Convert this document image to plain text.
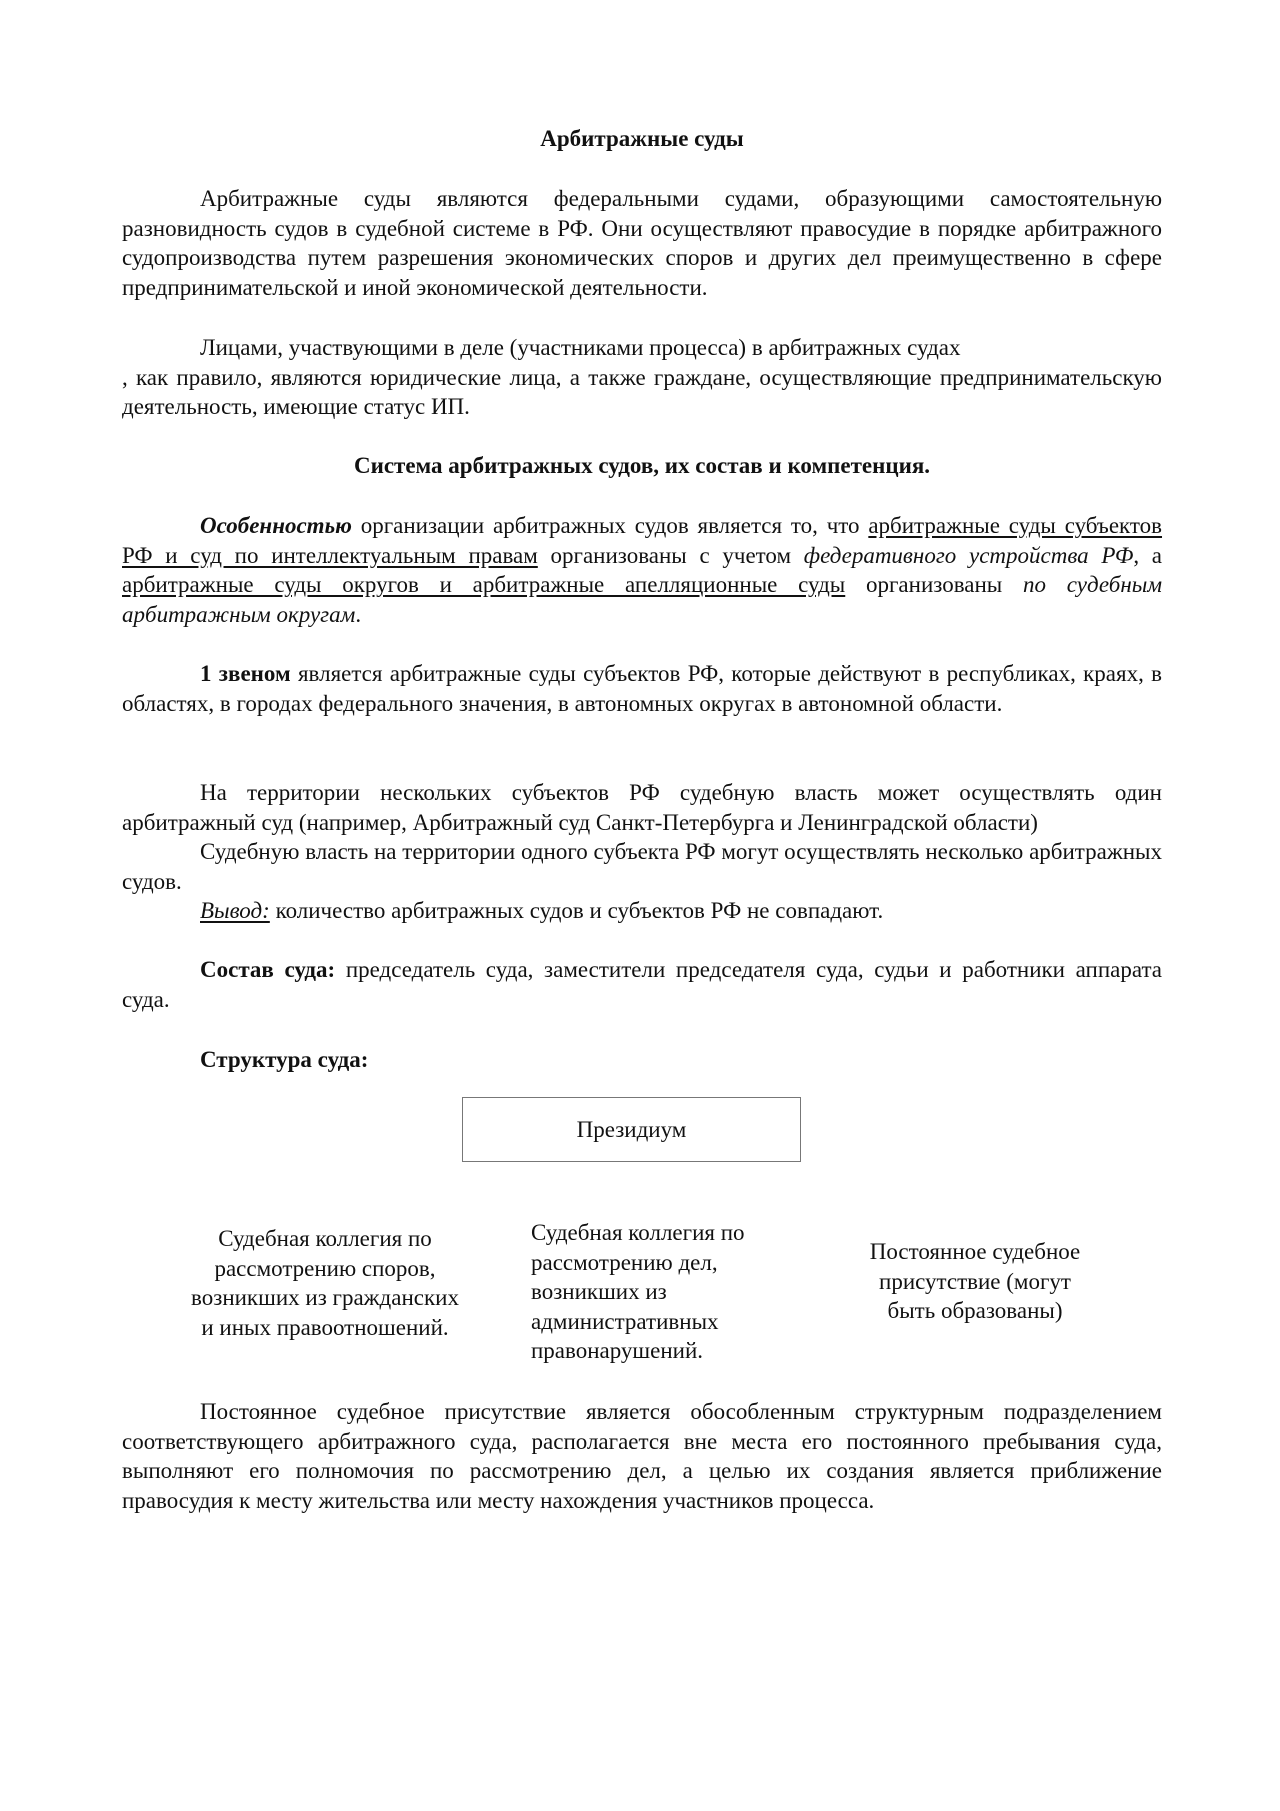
Арбитражные суды

Арбитражные суды являются федеральными судами, образующими самостоятельную разновидность судов в судебной системе в РФ. Они осуществляют правосудие в порядке арбитражного судопроизводства путем разрешения экономических споров и других дел преимущественно в сфере предпринимательской и иной экономической деятельности.

Лицами, участвующими в деле (участниками процесса) в арбитражных судах
, как правило, являются юридические лица, а также граждане, осуществляющие предпринимательскую деятельность, имеющие статус ИП.
Система арбитражных судов, их состав и компетенция.

Особенностью организации арбитражных судов является то, что арбитражные суды субъектов РФ и суд по интеллектуальным правам организованы с учетом федеративного устройства РФ, а арбитражные суды округов и арбитражные апелляционные суды организованы по судебным арбитражным округам.

1 звеном является арбитражные суды субъектов РФ, которые действуют в республиках, краях, в областях, в городах федерального значения, в автономных округах в автономной области.

На территории нескольких субъектов РФ судебную власть может осуществлять один арбитражный суд (например, Арбитражный суд Санкт-Петербурга и Ленинградской области)

Судебную власть на территории одного субъекта РФ могут осуществлять несколько арбитражных судов.

Вывод: количество арбитражных судов и субъектов РФ не совпадают.

Состав суда: председатель суда, заместители председателя суда, судьи и работники аппарата суда.

Структура суда:
Президиум
Судебная коллегия по
рассмотрению споров,
возникших из гражданских
и иных правоотношений.
Судебная коллегия по
рассмотрению дел,
возникших из
административных
правонарушений.
Постоянное судебное
присутствие (могут
быть образованы)

Постоянное судебное присутствие является обособленным структурным подразделением соответствующего арбитражного суда, располагается вне места его постоянного пребывания суда, выполняют его полномочия по рассмотрению дел, а целью их создания является приближение правосудия к месту жительства или месту нахождения участников процесса.
